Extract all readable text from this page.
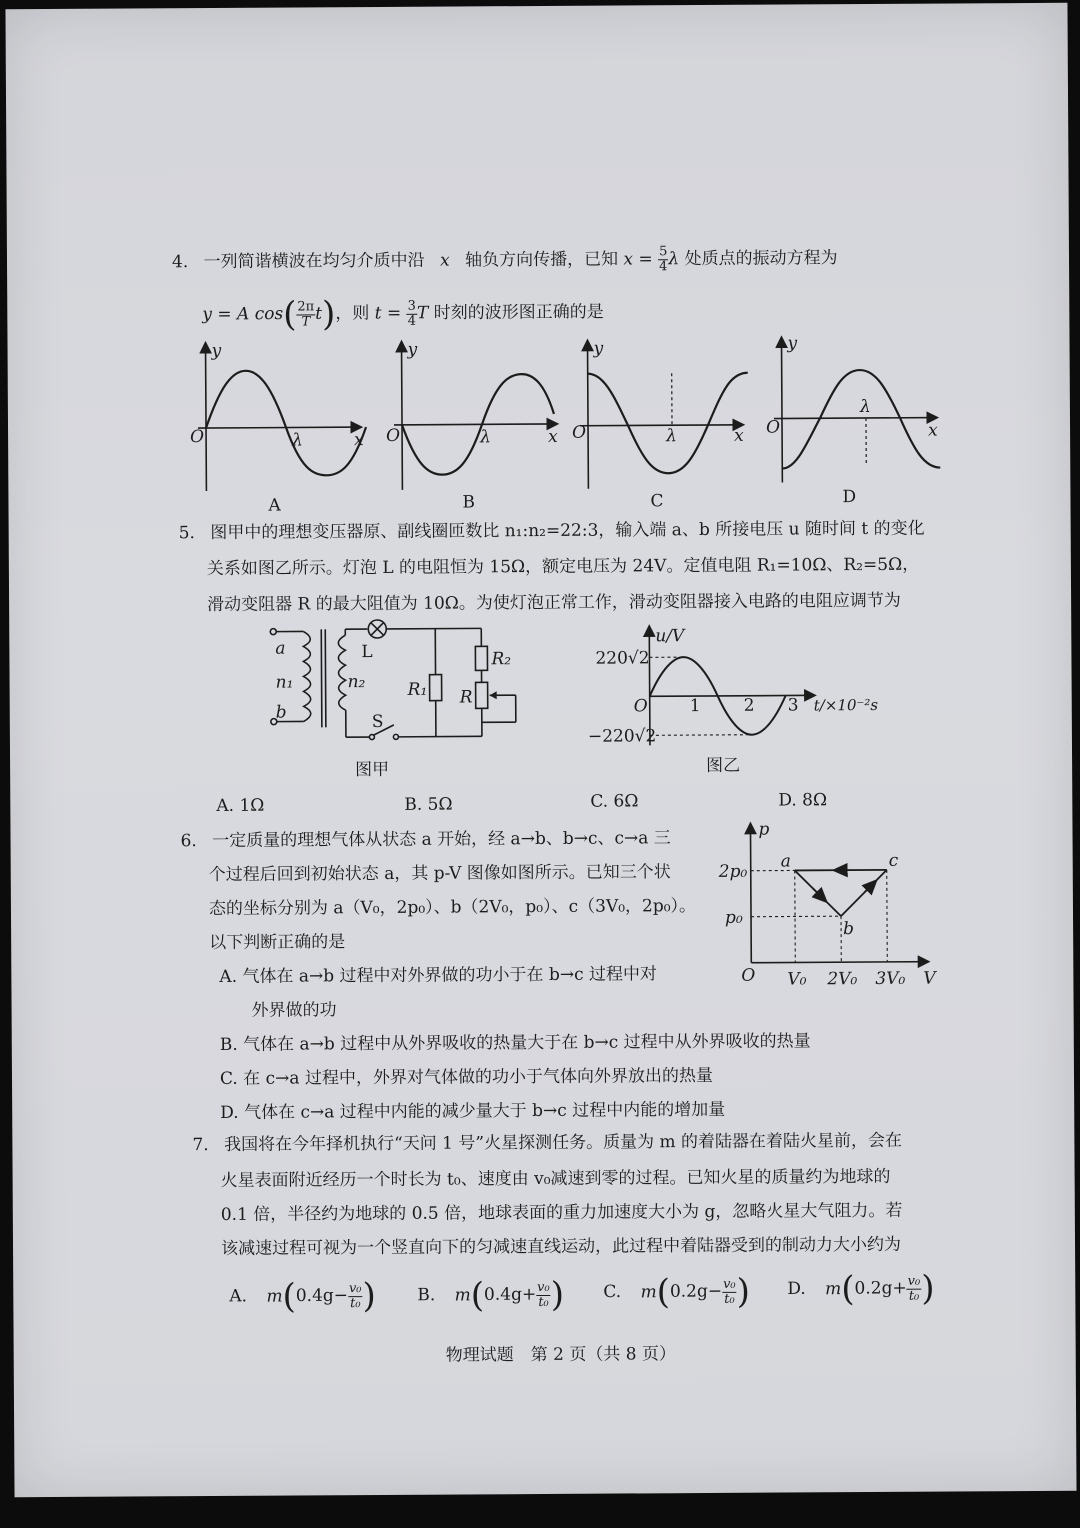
4. 一列简谐横波在均匀介质中沿 x 轴负方向传播，已知 $x = \frac{5}{4}$ λ 处质点的振动方程为
y = A $\cos( \frac{2\pi}{T} t)$，则 $t = \frac{3}{4}$ T 时刻的波形图正确的是
y
O	x
λ
A
y
O	x
λ
B
y
O	x
λ
C
y
O	x
λ
D
5. 图甲中的理想变压器原、副线圈匝数比 n₁:n₂=22:3，输入端 a、b 所接电压 u 随时间 t 的变化
关系如图乙所示。灯泡 L 的电阻恒为 15Ω，额定电压为 24V。定值电阻 R₁=10Ω、R₂=5Ω，
滑动变阻器 R 的最大阻值为 10Ω。为使灯泡正常工作，滑动变阻器接入电路的电阻应调节为
a
b
n₁	n₂
L
S
R₁
R₂
R
图甲
u/V
220√2
−220√2
O 1	2 3 t/×10⁻²s
图乙
A. 1Ω	B. 5Ω	C. 6Ω	D. 8Ω
6. 一定质量的理想气体从状态 a 开始，经 a→b、b→c、c→a 三
个过程后回到初始状态 a，其 p-V 图像如图所示。已知三个状
态的坐标分别为 a（V₀，2p₀）、b（2V₀，p₀）、c（3V₀，2p₀）。
以下判断正确的是
A. 气体在 a→b 过程中对外界做的功小于在 b→c 过程中对
外界做的功
B. 气体在 a→b 过程中从外界吸收的热量大于在 b→c 过程中从外界吸收的热量
C. 在 c→a 过程中，外界对气体做的功小于气体向外界放出的热量
D. 气体在 c→a 过程中内能的减少量大于 b→c 过程中内能的增加量
p
V
O
2p₀
p₀
V₀ 2V₀ 3V₀
a
b
c
7. 我国将在今年择机执行“天问 1 号”火星探测任务。质量为 m 的着陆器在着陆火星前，会在
火星表面附近经历一个时长为 t₀、速度由 v₀减速到零的过程。已知火星的质量约为地球的
0.1 倍，半径约为地球的 0.5 倍，地球表面的重力加速度大小为 g，忽略火星大气阻力。若
该减速过程可视为一个竖直向下的匀减速直线运动，此过程中着陆器受到的制动力大小约为
A. $m(0.4g- \frac{\text{v₀}}{\text{t₀}}$ ) B. $m(0.4g+ \frac{\text{v₀}}{\text{t₀}}$ ) C. $m(0.2g- \frac{\text{v₀}}{\text{t₀}}$ ) D. $m(0.2g+ \frac{\text{v₀}}{\text{t₀}}$ )
物理试题　第 2 页（共 8 页）
